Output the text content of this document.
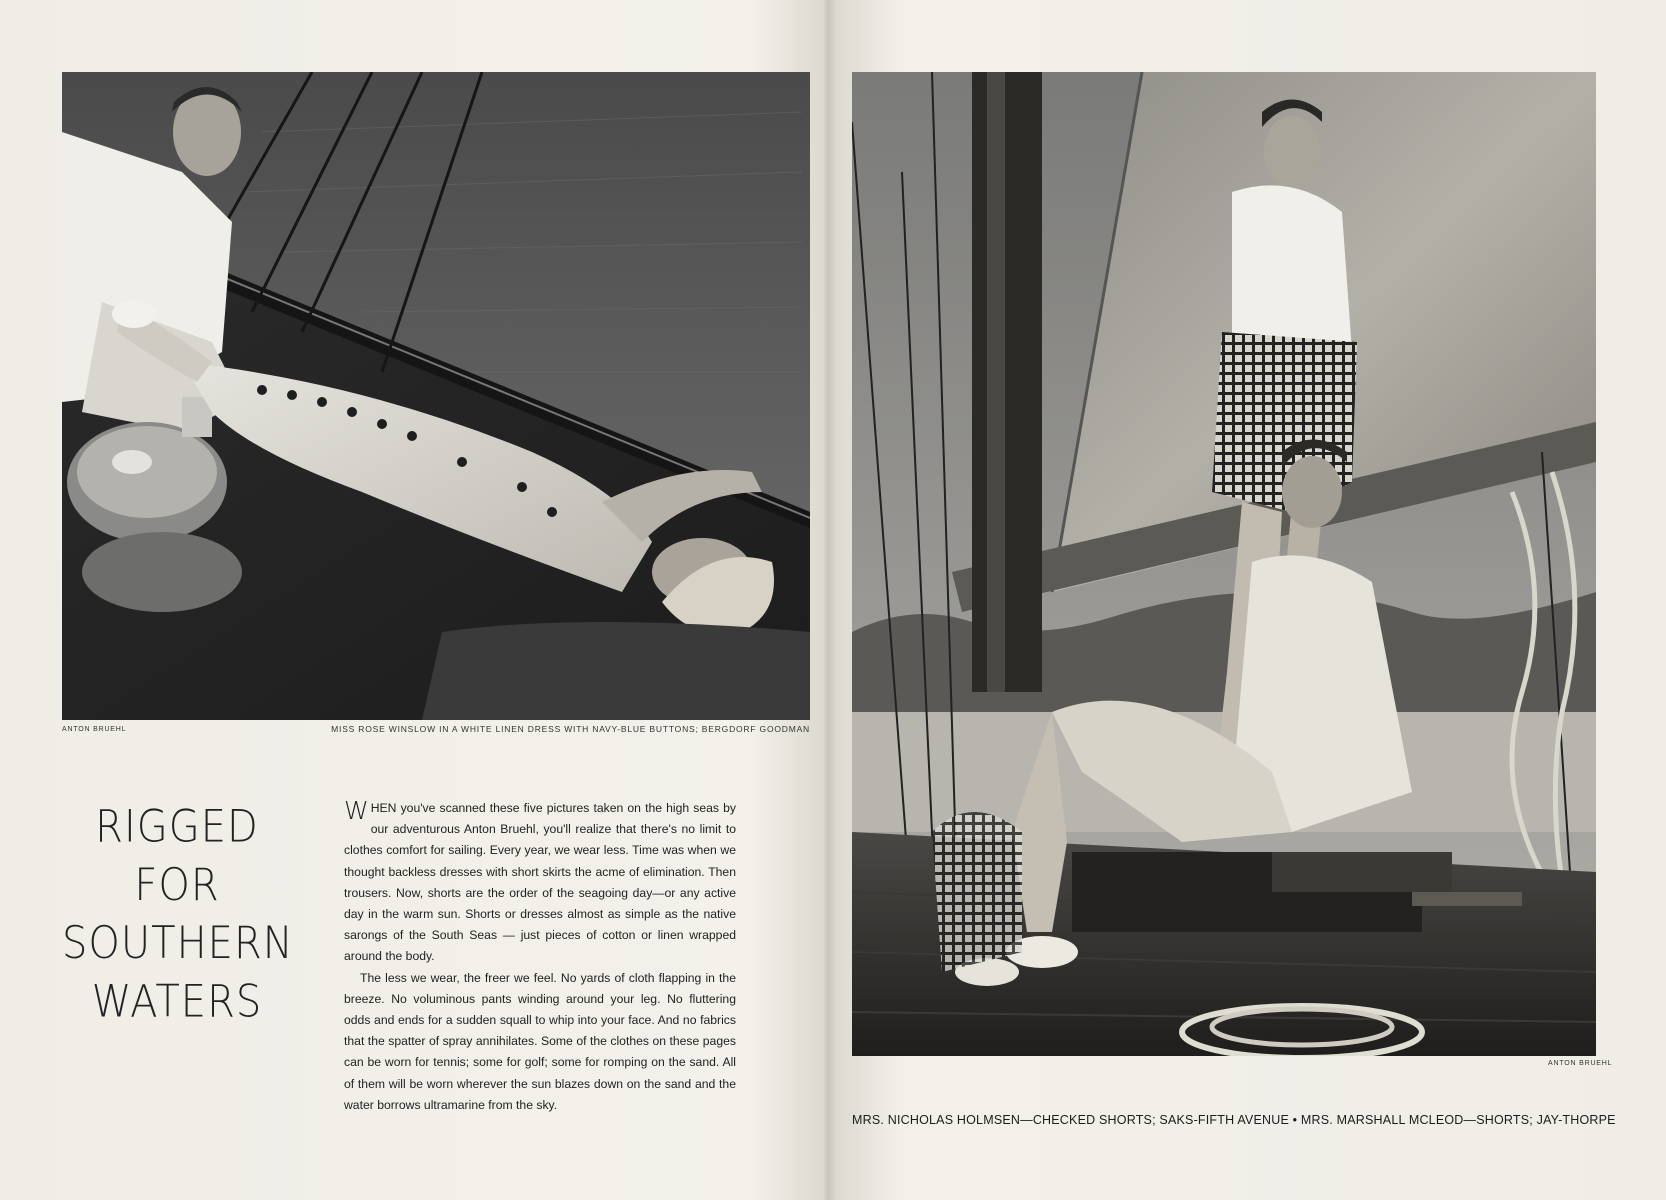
ANTON BRUEHL	MISS ROSE WINSLOW IN A WHITE LINEN DRESS WITH NAVY-BLUE BUTTONS; BERGDORF GOODMAN
RIGGED FOR
SOUTHERN
WATERS

WHEN you've scanned these five pictures taken on the high seas by our adventurous Anton Bruehl, you'll realize that there's no limit to clothes comfort for sailing. Every year, we wear less. Time was when we thought backless dresses with short skirts the acme of elimination. Then trousers. Now, shorts are the order of the seagoing day—or any active day in the warm sun. Shorts or dresses almost as simple as the native sarongs of the South Seas — just pieces of cotton or linen wrapped around the body.

The less we wear, the freer we feel. No yards of cloth flapping in the breeze. No voluminous pants winding around your leg. No fluttering odds and ends for a sudden squall to whip into your face. And no fabrics that the spatter of spray annihilates. Some of the clothes on these pages can be worn for tennis; some for golf; some for romping on the sand. All of them will be worn wherever the sun blazes down on the sand and the water borrows ultramarine from the sky.

ANTON BRUEHL
MRS. NICHOLAS HOLMSEN—CHECKED SHORTS; SAKS-FIFTH AVENUE • MRS. MARSHALL MCLEOD—SHORTS; JAY-THORPE
